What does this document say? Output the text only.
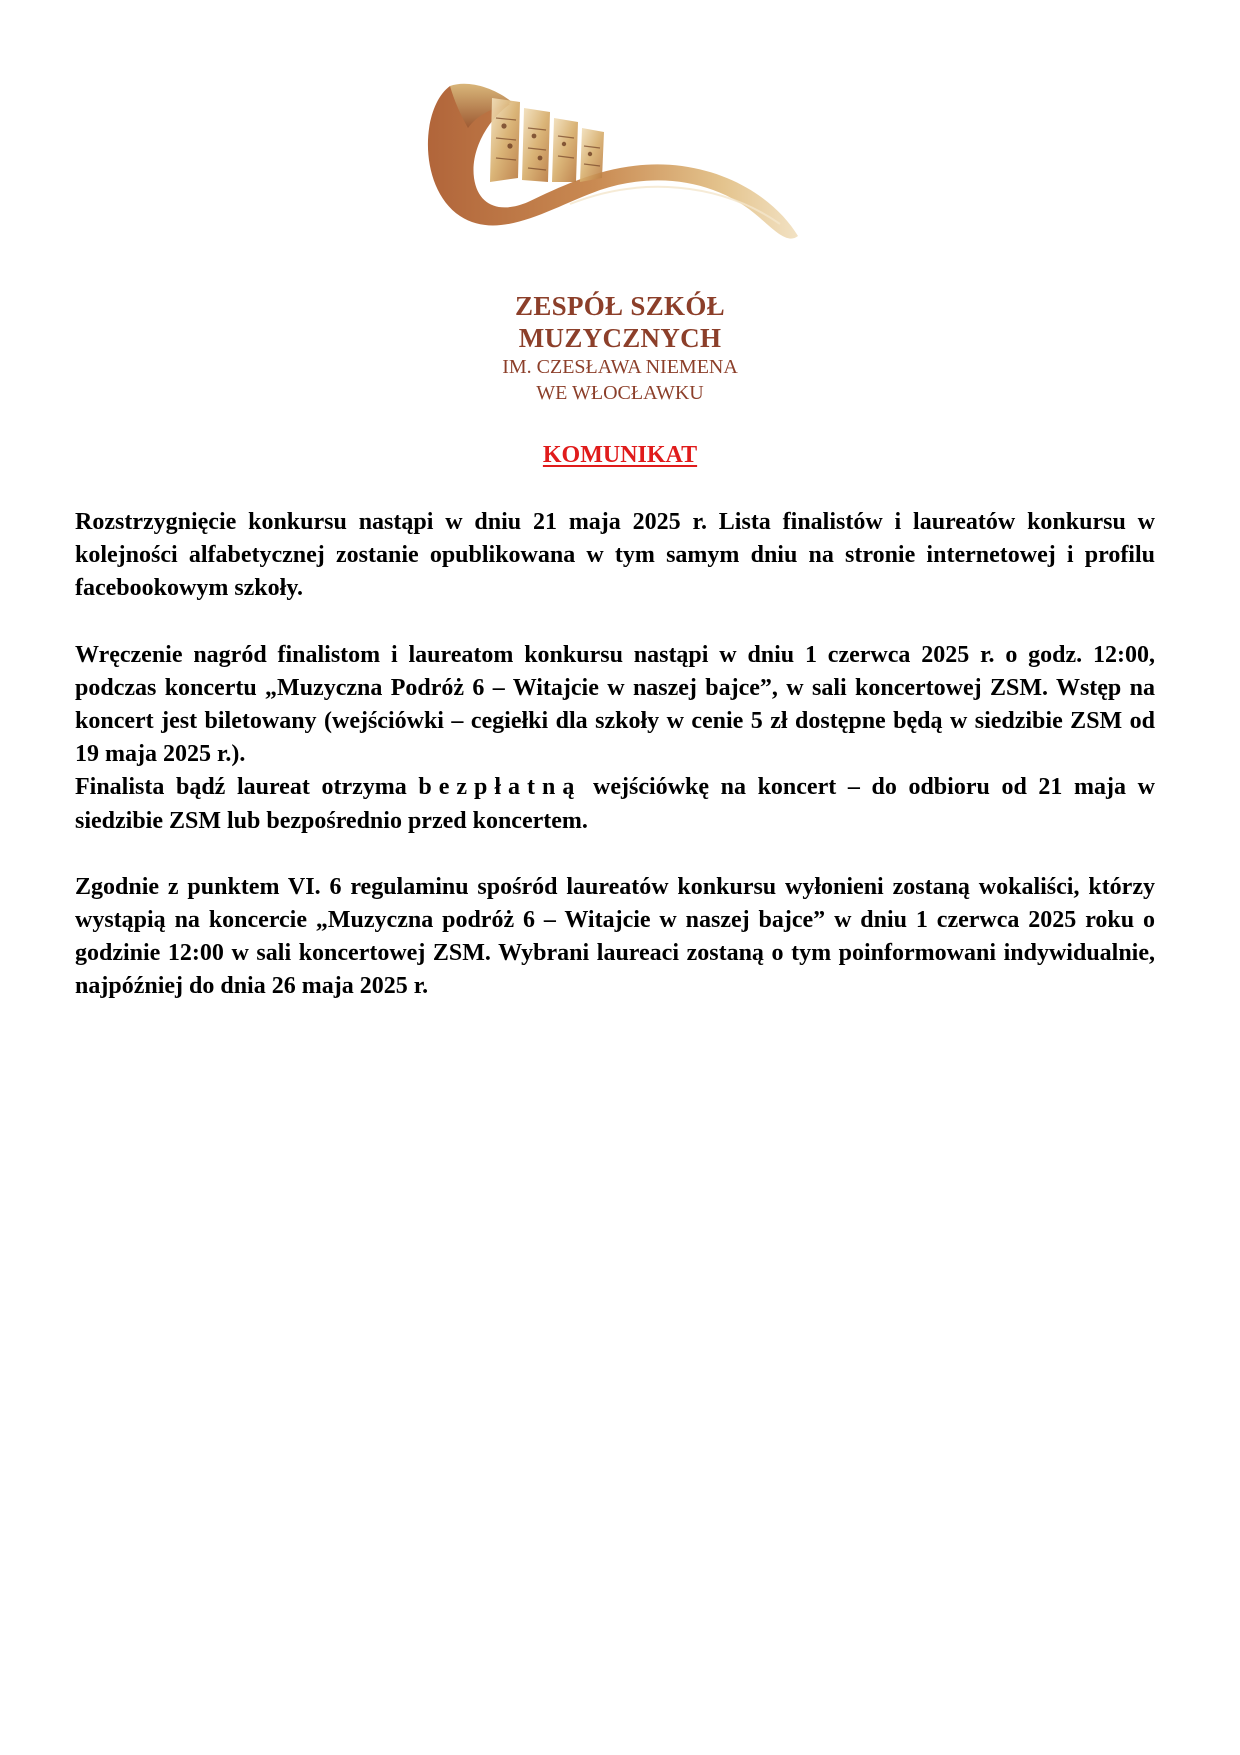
ZESPÓŁ SZKÓŁ MUZYCZNYCH
IM. CZESŁAWA NIEMENA
WE WŁOCŁAWKU
KOMUNIKAT

Rozstrzygnięcie konkursu nastąpi w dniu 21 maja 2025 r. Lista finalistów i laureatów konkursu w kolejności alfabetycznej zostanie opublikowana w tym samym dniu na stronie internetowej i profilu facebookowym szkoły.

Wręczenie nagród finalistom i laureatom konkursu nastąpi w dniu 1 czerwca 2025 r. o godz. 12:00, podczas koncertu „Muzyczna Podróż 6 – Witajcie w naszej bajce”, w sali koncertowej ZSM. Wstęp na koncert jest biletowany (wejściówki – cegiełki dla szkoły w cenie 5 zł dostępne będą w siedzibie ZSM od 19 maja 2025 r.).

Finalista bądź laureat otrzyma bezpłatną wejściówkę na koncert – do odbioru od 21 maja w siedzibie ZSM lub bezpośrednio przed koncertem.

Zgodnie z punktem VI. 6 regulaminu spośród laureatów konkursu wyłonieni zostaną wokaliści, którzy wystąpią na koncercie „Muzyczna podróż 6 – Witajcie w naszej bajce” w dniu 1 czerwca 2025 roku o godzinie 12:00 w sali koncertowej ZSM. Wybrani laureaci zostaną o tym poinformowani indywidualnie, najpóźniej do dnia 26 maja 2025 r.
